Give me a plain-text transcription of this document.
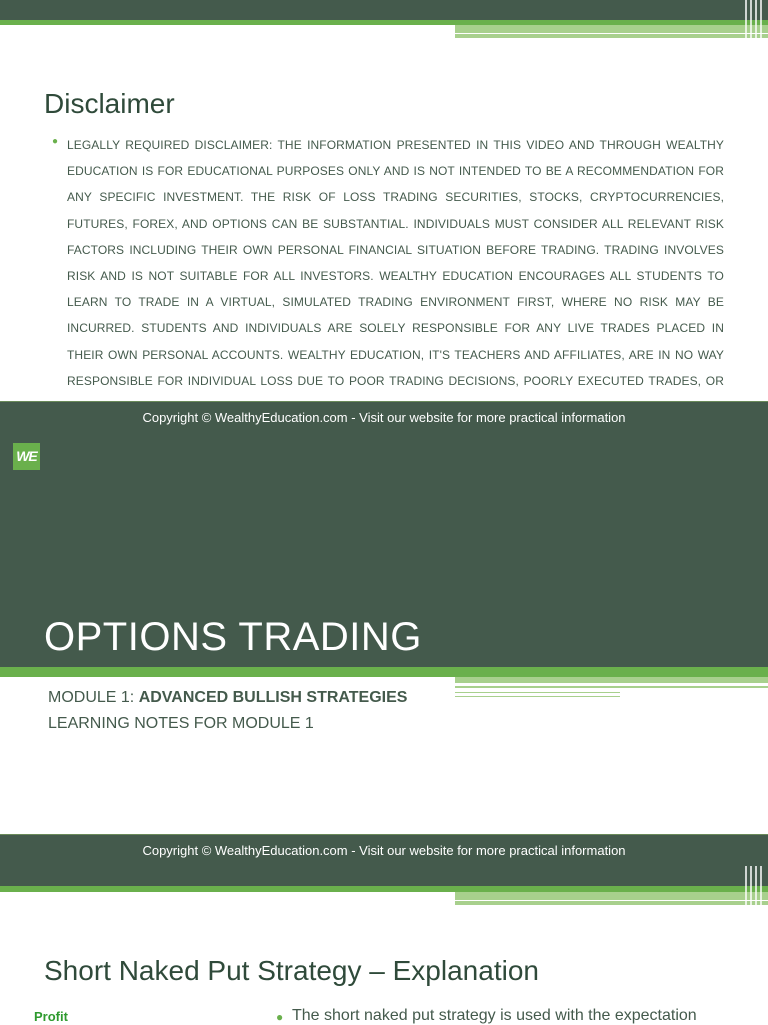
Disclaimer
● LEGALLY REQUIRED DISCLAIMER: THE INFORMATION PRESENTED IN THIS VIDEO AND THROUGH WEALTHY EDUCATION IS FOR EDUCATIONAL PURPOSES ONLY AND IS NOT INTENDED TO BE A RECOMMENDATION FOR ANY SPECIFIC INVESTMENT. THE RISK OF LOSS TRADING SECURITIES, STOCKS, CRYPTOCURRENCIES, FUTURES, FOREX, AND OPTIONS CAN BE SUBSTANTIAL. INDIVIDUALS MUST CONSIDER ALL RELEVANT RISK FACTORS INCLUDING THEIR OWN PERSONAL FINANCIAL SITUATION BEFORE TRADING. TRADING INVOLVES RISK AND IS NOT SUITABLE FOR ALL INVESTORS. WEALTHY EDUCATION ENCOURAGES ALL STUDENTS TO LEARN TO TRADE IN A VIRTUAL, SIMULATED TRADING ENVIRONMENT FIRST, WHERE NO RISK MAY BE INCURRED. STUDENTS AND INDIVIDUALS ARE SOLELY RESPONSIBLE FOR ANY LIVE TRADES PLACED IN THEIR OWN PERSONAL ACCOUNTS. WEALTHY EDUCATION, IT'S TEACHERS AND AFFILIATES, ARE IN NO WAY RESPONSIBLE FOR INDIVIDUAL LOSS DUE TO POOR TRADING DECISIONS, POORLY EXECUTED TRADES, OR
Copyright © WealthyEducation.com - Visit our website for more practical information
WE
OPTIONS TRADING
MODULE 1: ADVANCED BULLISH STRATEGIES
LEARNING NOTES FOR MODULE 1
Copyright © WealthyEducation.com - Visit our website for more practical information
Short Naked Put Strategy – Explanation
Profit	● The short naked put strategy is used with the expectation
